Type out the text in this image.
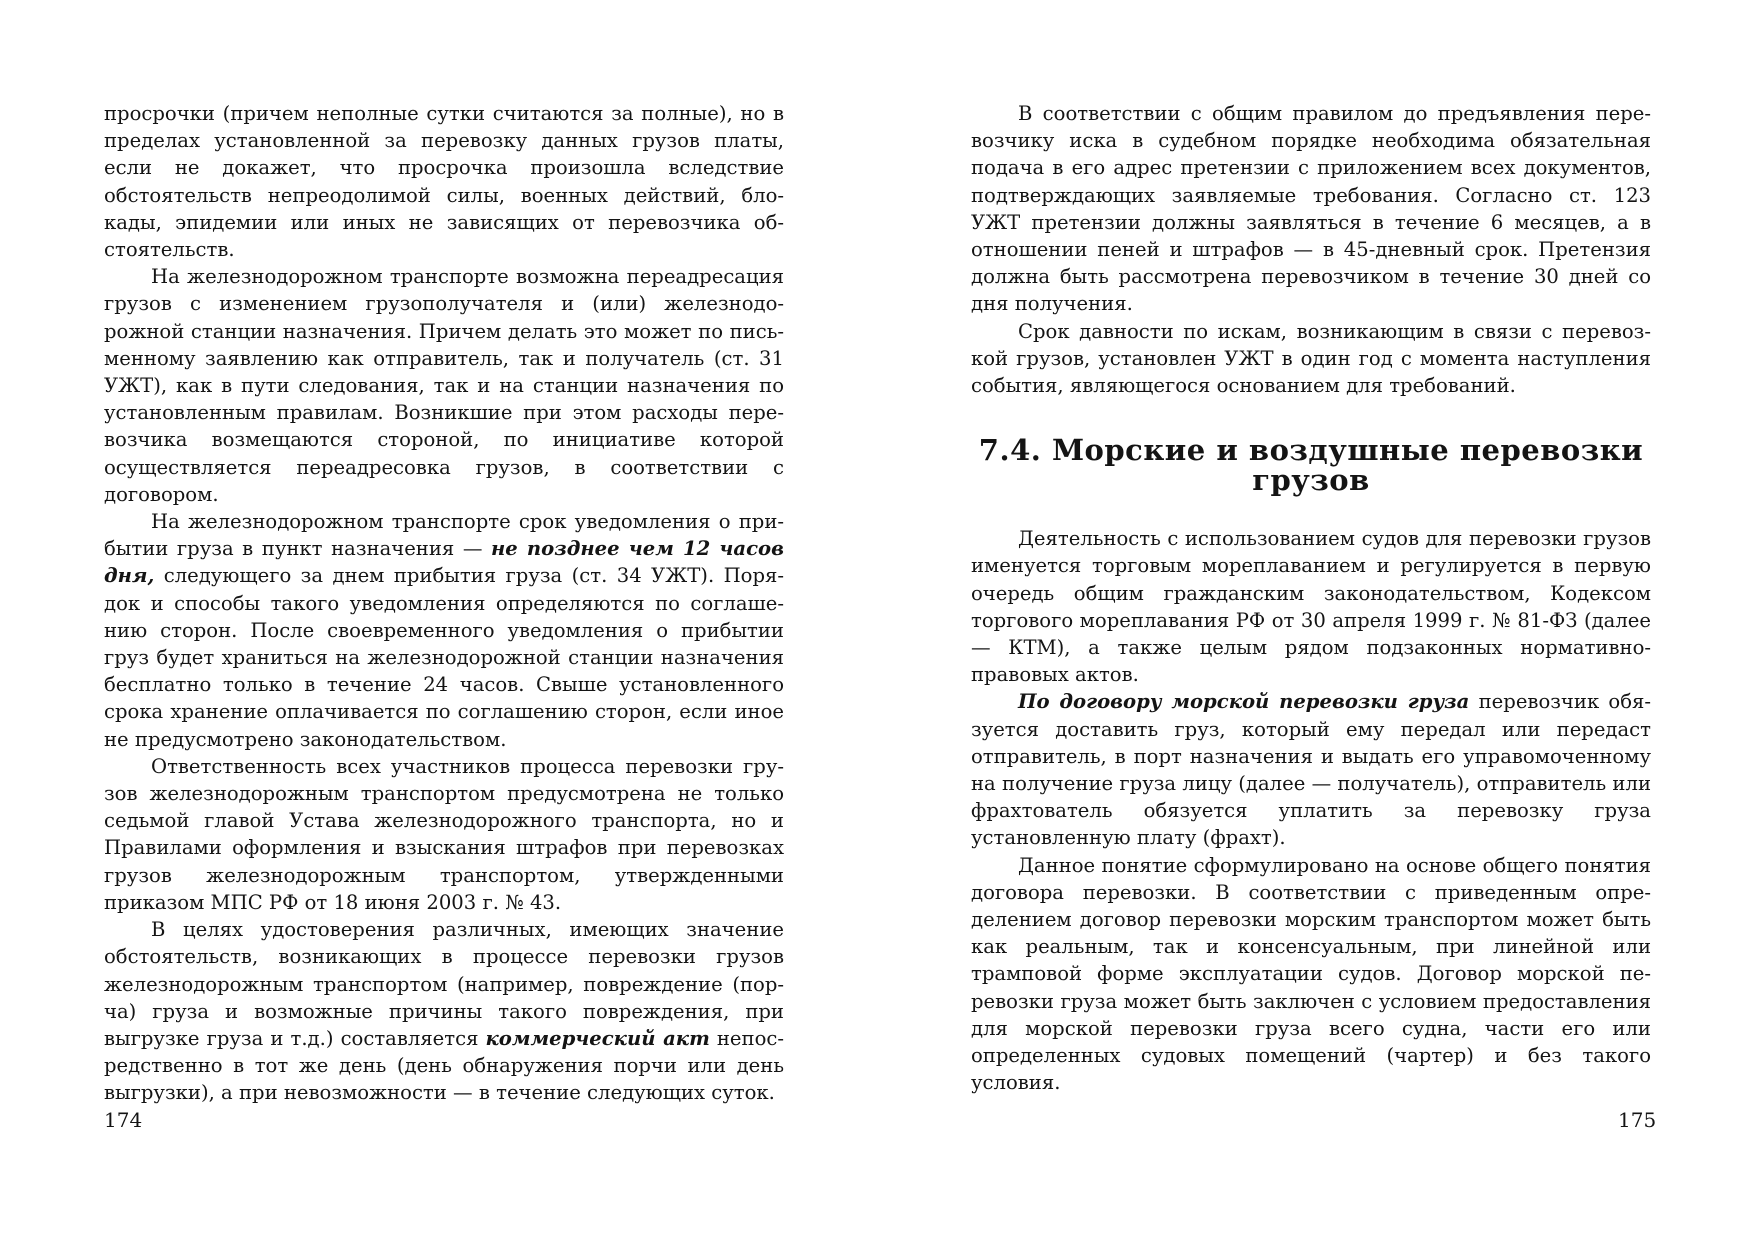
просрочки (причем неполные сутки считаются за полные), но в пределах установленной за перевозку данных грузов платы, если не докажет, что просрочка произошла вследствие обстоятельств непреодолимой силы, военных действий, блокады, эпидемии или иных не зависящих от перевозчика обстоятельств.

На железнодорожном транспорте возможна переадресация грузов с изменением грузополучателя и (или) железнодорожной станции назначения. Причем делать это может по письменному заявлению как отправитель, так и получатель (ст. 31 УЖТ), как в пути следования, так и на станции назначения по установленным правилам. Возникшие при этом расходы перевозчика возмещаются стороной, по инициативе которой осуществляется переадресовка грузов, в соответствии с договором.

На железнодорожном транспорте срок уведомления о прибытии груза в пункт назначения — не позднее чем 12 часов дня, следующего за днем прибытия груза (ст. 34 УЖТ). Порядок и способы такого уведомления определяются по соглашению сторон. После своевременного уведомления о прибытии груз будет храниться на железнодорожной станции назначения бесплатно только в течение 24 часов. Свыше установленного срока хранение оплачивается по соглашению сторон, если иное не предусмотрено законодательством.

Ответственность всех участников процесса перевозки грузов железнодорожным транспортом предусмотрена не только седьмой главой Устава железнодорожного транспорта, но и Правилами оформления и взыскания штрафов при перевозках грузов железнодорожным транспортом, утвержденными приказом МПС РФ от 18 июня 2003 г. № 43.

В целях удостоверения различных, имеющих значение обстоятельств, возникающих в процессе перевозки грузов железнодорожным транспортом (например, повреждение (порча) груза и возможные причины такого повреждения, при выгрузке груза и т.д.) составляется коммерческий акт непосредственно в тот же день (день обнаружения порчи или день выгрузки), а при невозможности — в течение следующих суток.

174

В соответствии с общим правилом до предъявления перевозчику иска в судебном порядке необходима обязательная подача в его адрес претензии с приложением всех документов, подтверждающих заявляемые требования. Согласно ст. 123 УЖТ претензии должны заявляться в течение 6 месяцев, а в отношении пеней и штрафов — в 45-дневный срок. Претензия должна быть рассмотрена перевозчиком в течение 30 дней со дня получения.

Срок давности по искам, возникающим в связи с перевозкой грузов, установлен УЖТ в один год с момента наступления события, являющегося основанием для требований.

7.4. Морские и воздушные перевозки грузов

Деятельность с использованием судов для перевозки грузов именуется торговым мореплаванием и регулируется в первую очередь общим гражданским законодательством, Кодексом торгового мореплавания РФ от 30 апреля 1999 г. № 81-ФЗ (далее — КТМ), а также целым рядом подзаконных нормативно-правовых актов.

По договору морской перевозки груза перевозчик обязуется доставить груз, который ему передал или передаст отправитель, в порт назначения и выдать его управомоченному на получение груза лицу (далее — получатель), отправитель или фрахтователь обязуется уплатить за перевозку груза установленную плату (фрахт).

Данное понятие сформулировано на основе общего понятия договора перевозки. В соответствии с приведенным определением договор перевозки морским транспортом может быть как реальным, так и консенсуальным, при линейной или трамповой форме эксплуатации судов. Договор морской перевозки груза может быть заключен с условием предоставления для морской перевозки груза всего судна, части его или определенных судовых помещений (чартер) и без такого условия.

175
